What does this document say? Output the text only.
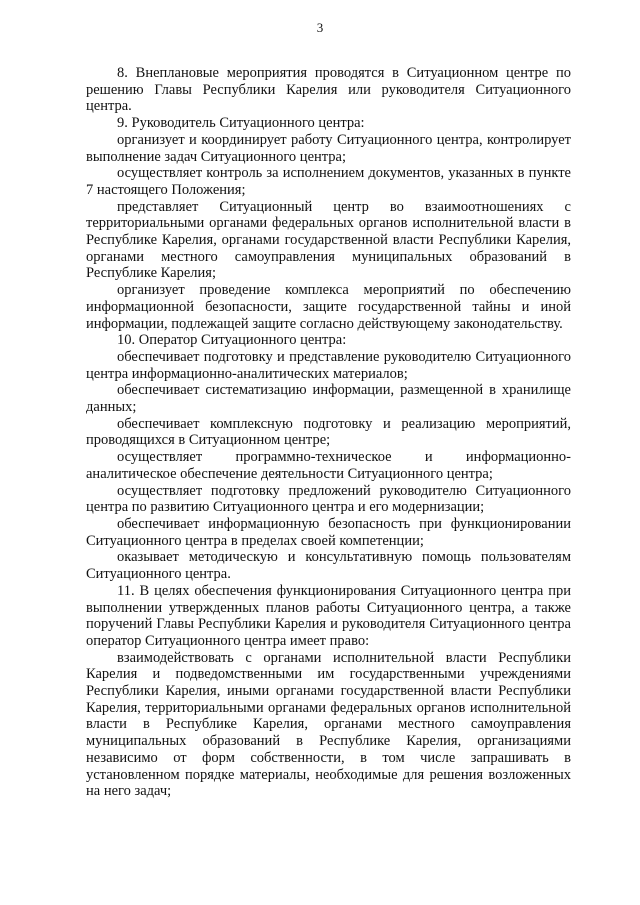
3

8. Внеплановые мероприятия проводятся в Ситуационном центре по решению Главы Республики Карелия или руководителя Ситуационного центра.

9. Руководитель Ситуационного центра:

организует и координирует работу Ситуационного центра, контролирует выполнение задач Ситуационного центра;

осуществляет контроль за исполнением документов, указанных в пункте 7 настоящего Положения;

представляет Ситуационный центр во взаимоотношениях с территориальными органами федеральных органов исполнительной власти в Республике Карелия, органами государственной власти Республики Карелия, органами местного самоуправления муниципальных образований в Республике Карелия;

организует проведение комплекса мероприятий по обеспечению информационной безопасности, защите государственной тайны и иной информации, подлежащей защите согласно действующему законодательству.

10. Оператор Ситуационного центра:

обеспечивает подготовку и представление руководителю Ситуационного центра информационно-аналитических материалов;

обеспечивает систематизацию информации, размещенной в хранилище данных;

обеспечивает комплексную подготовку и реализацию мероприятий, проводящихся в Ситуационном центре;

осуществляет программно-техническое и информационно-аналитическое обеспечение деятельности Ситуационного центра;

осуществляет подготовку предложений руководителю Ситуационного центра по развитию Ситуационного центра и его модернизации;

обеспечивает информационную безопасность при функционировании Ситуационного центра в пределах своей компетенции;

оказывает методическую и консультативную помощь пользователям Ситуационного центра.

11. В целях обеспечения функционирования Ситуационного центра при выполнении утвержденных планов работы Ситуационного центра, а также поручений Главы Республики Карелия и руководителя Ситуационного центра оператор Ситуационного центра имеет право:

взаимодействовать с органами исполнительной власти Республики Карелия и подведомственными им государственными учреждениями Республики Карелия, иными органами государственной власти Республики Карелия, территориальными органами федеральных органов исполнительной власти в Республике Карелия, органами местного самоуправления муниципальных образований в Республике Карелия, организациями независимо от форм собственности, в том числе запрашивать в установленном порядке материалы, необходимые для решения возложенных на него задач;
